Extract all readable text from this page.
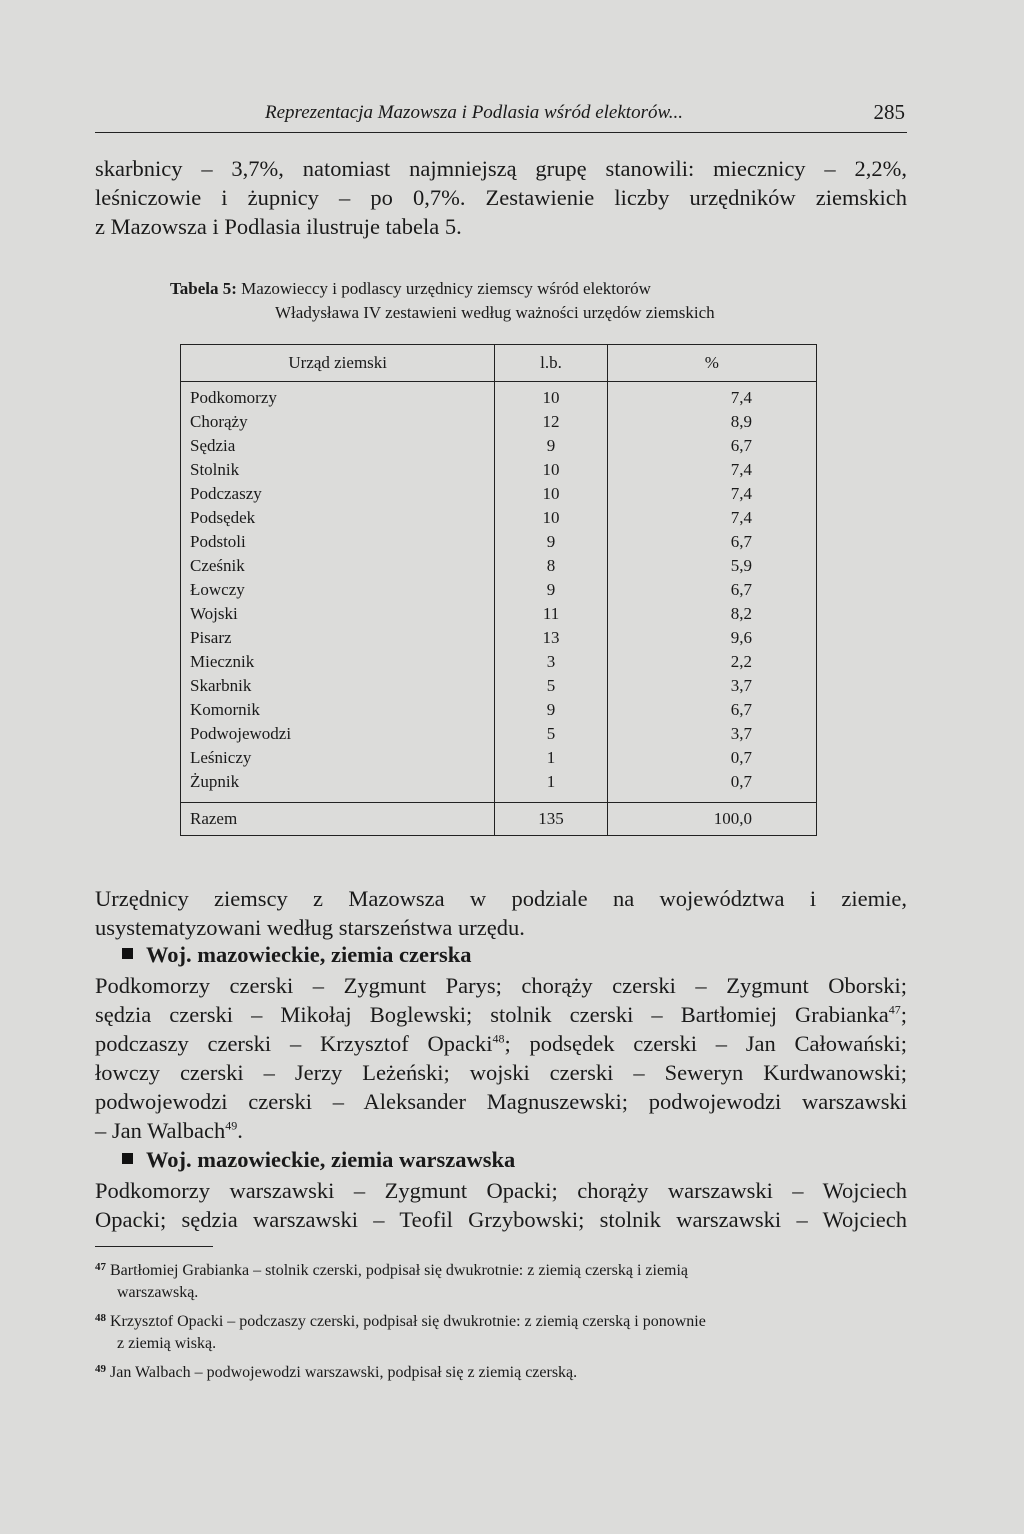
Reprezentacja Mazowsza i Podlasia wśród elektorów...	285
skarbnicy – 3,7%, natomiast najmniejszą grupę stanowili: miecznicy – 2,2%,
leśniczowie i żupnicy – po 0,7%. Zestawienie liczby urzędników ziemskich
z Mazowsza i Podlasia ilustruje tabela 5.
Tabela 5: Mazowieccy i podlascy urzędnicy ziemscy wśród elektorów
Władysława IV zestawieni według ważności urzędów ziemskich
Urząd ziemski	l.b.	%
Podkomorzy	10	7,4
Chorąży	12	8,9
Sędzia	9	6,7
Stolnik	10	7,4
Podczaszy	10	7,4
Podsędek	10	7,4
Podstoli	9	6,7
Cześnik	8	5,9
Łowczy	9	6,7
Wojski	11	8,2
Pisarz	13	9,6
Miecznik	3	2,2
Skarbnik	5	3,7
Komornik	9	6,7
Podwojewodzi	5	3,7
Leśniczy	1	0,7
Żupnik	1	0,7
Razem	135	100,0
Urzędnicy ziemscy z Mazowsza w podziale na województwa i ziemie,
usystematyzowani według starszeństwa urzędu.
Woj. mazowieckie, ziemia czerska
Podkomorzy czerski – Zygmunt Parys; chorąży czerski – Zygmunt Oborski;
sędzia czerski – Mikołaj Boglewski; stolnik czerski – Bartłomiej Grabianka$^{47}$;
podczaszy czerski – Krzysztof Opacki$^{48}$; podsędek czerski – Jan Całowański;
łowczy czerski – Jerzy Leżeński; wojski czerski – Seweryn Kurdwanowski;
podwojewodzi czerski – Aleksander Magnuszewski; podwojewodzi warszawski
– Jan Walbach$^{49}$.
Woj. mazowieckie, ziemia warszawska
Podkomorzy warszawski – Zygmunt Opacki; chorąży warszawski – Wojciech
Opacki; sędzia warszawski – Teofil Grzybowski; stolnik warszawski – Wojciech
$^{47}$ Bartłomiej Grabianka – stolnik czerski, podpisał się dwukrotnie: z ziemią czerską i ziemią
warszawską.
$^{48}$ Krzysztof Opacki – podczaszy czerski, podpisał się dwukrotnie: z ziemią czerską i ponownie
z ziemią wiską.
$^{49}$ Jan Walbach – podwojewodzi warszawski, podpisał się z ziemią czerską.
